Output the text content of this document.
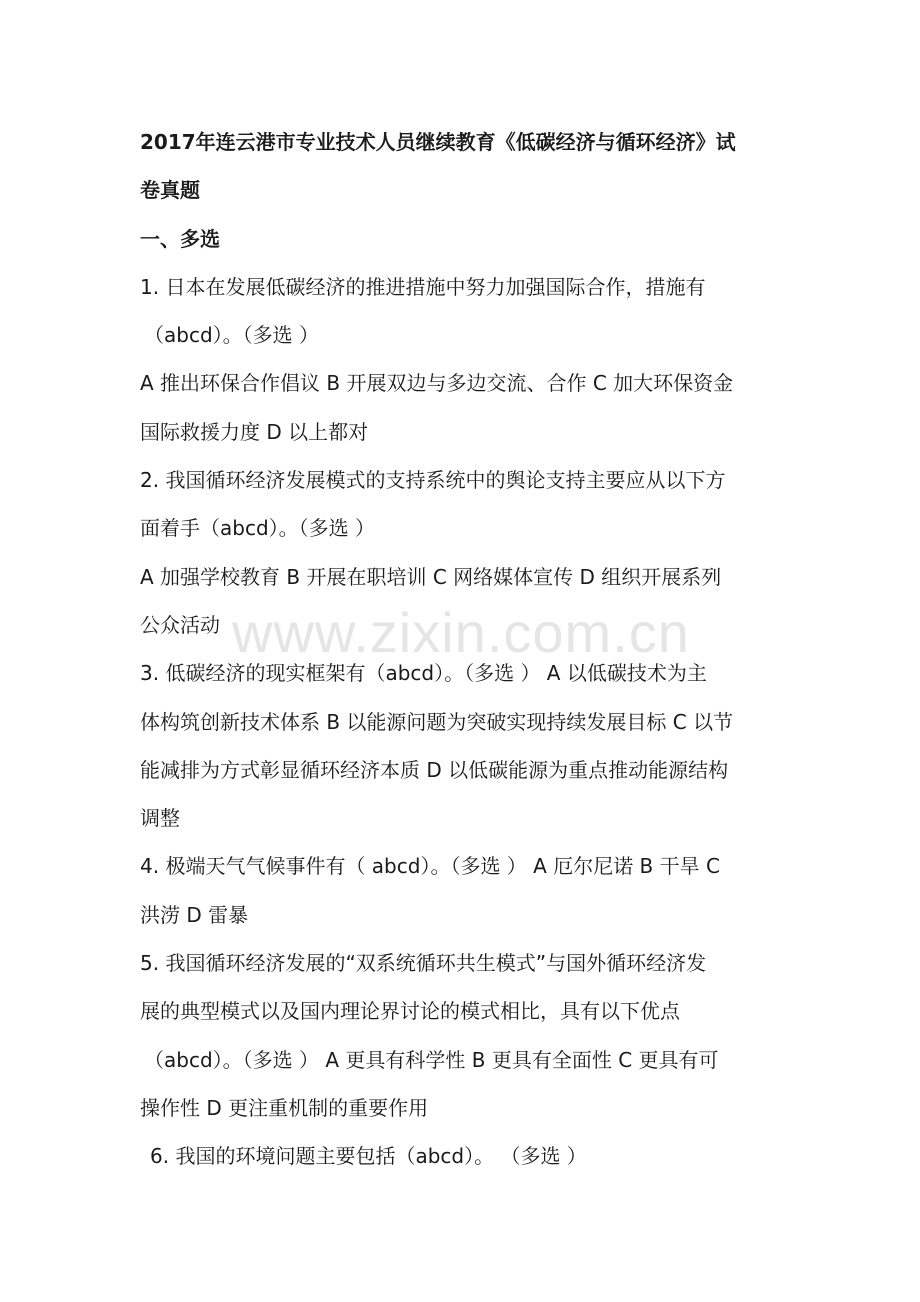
2017年连云港市专业技术人员继续教育《低碳经济与循环经济》试
卷真题
一、多选
1. 日本在发展低碳经济的推进措施中努力加强国际合作，措施有
（abcd）。（多选 ）
A 推出环保合作倡议 B 开展双边与多边交流、合作 C 加大环保资金
国际救援力度 D 以上都对
2. 我国循环经济发展模式的支持系统中的舆论支持主要应从以下方
面着手（abcd）。（多选 ）
A 加强学校教育 B 开展在职培训 C 网络媒体宣传 D 组织开展系列
公众活动
3. 低碳经济的现实框架有（abcd）。（多选 ） A 以低碳技术为主
体构筑创新技术体系 B 以能源问题为突破实现持续发展目标 C 以节
能减排为方式彰显循环经济本质 D 以低碳能源为重点推动能源结构
调整
4. 极端天气气候事件有（ abcd）。（多选 ） A 厄尔尼诺 B 干旱 C
洪涝 D 雷暴
5. 我国循环经济发展的“双系统循环共生模式”与国外循环经济发
展的典型模式以及国内理论界讨论的模式相比，具有以下优点
（abcd）。（多选 ） A 更具有科学性 B 更具有全面性 C 更具有可
操作性 D 更注重机制的重要作用
6. 我国的环境问题主要包括（abcd）。 （多选 ）
www.zixin.com.cn
